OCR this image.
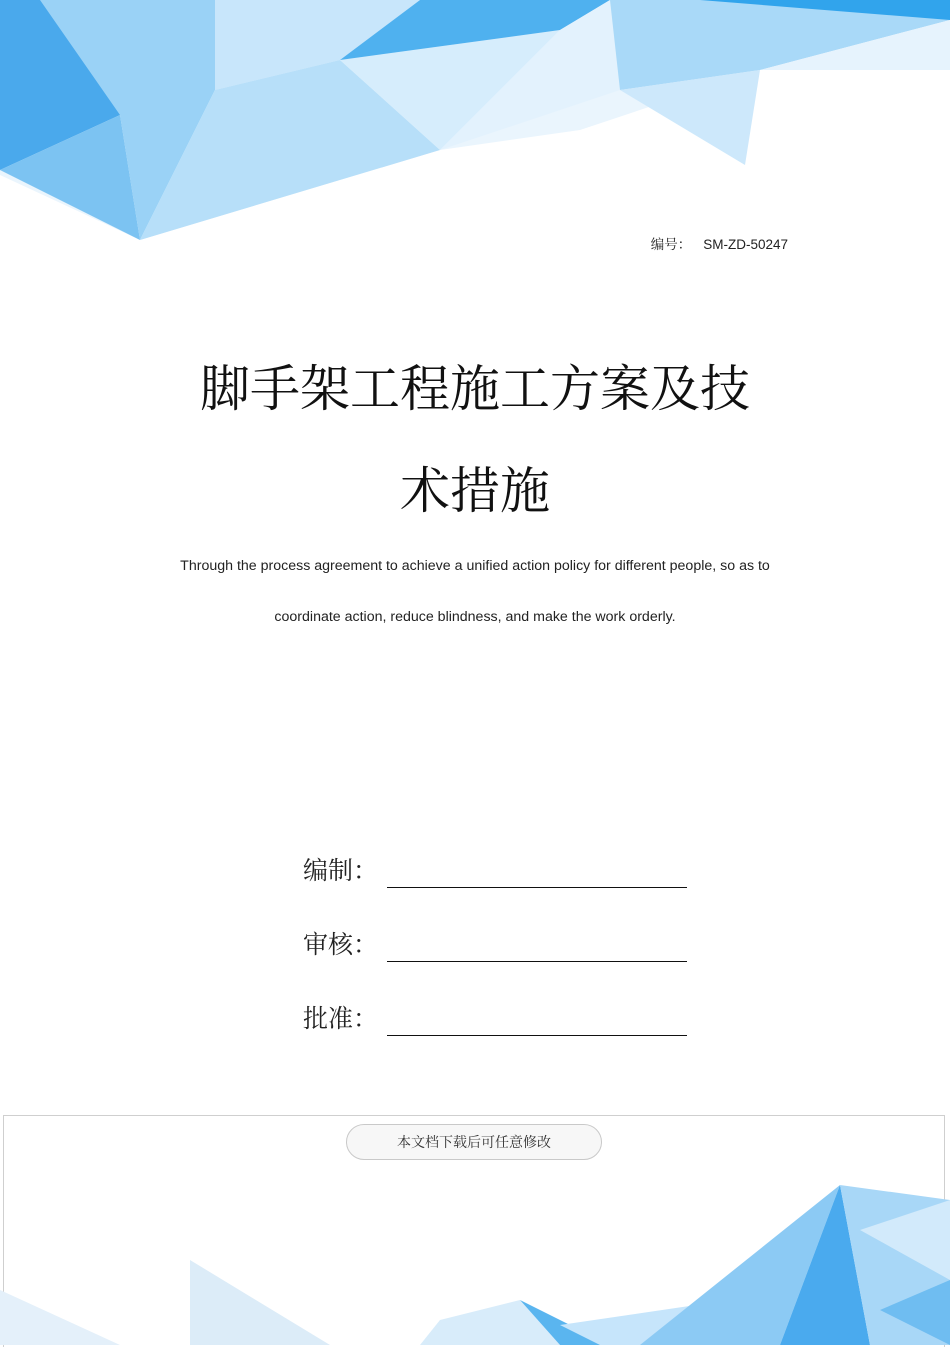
编号： SM-ZD-50247
脚手架工程施工方案及技
术措施
Through the process agreement to achieve a unified action policy for different people, so as to
coordinate action, reduce blindness, and make the work orderly.
编制：
审核：
批准：
本文档下载后可任意修改
